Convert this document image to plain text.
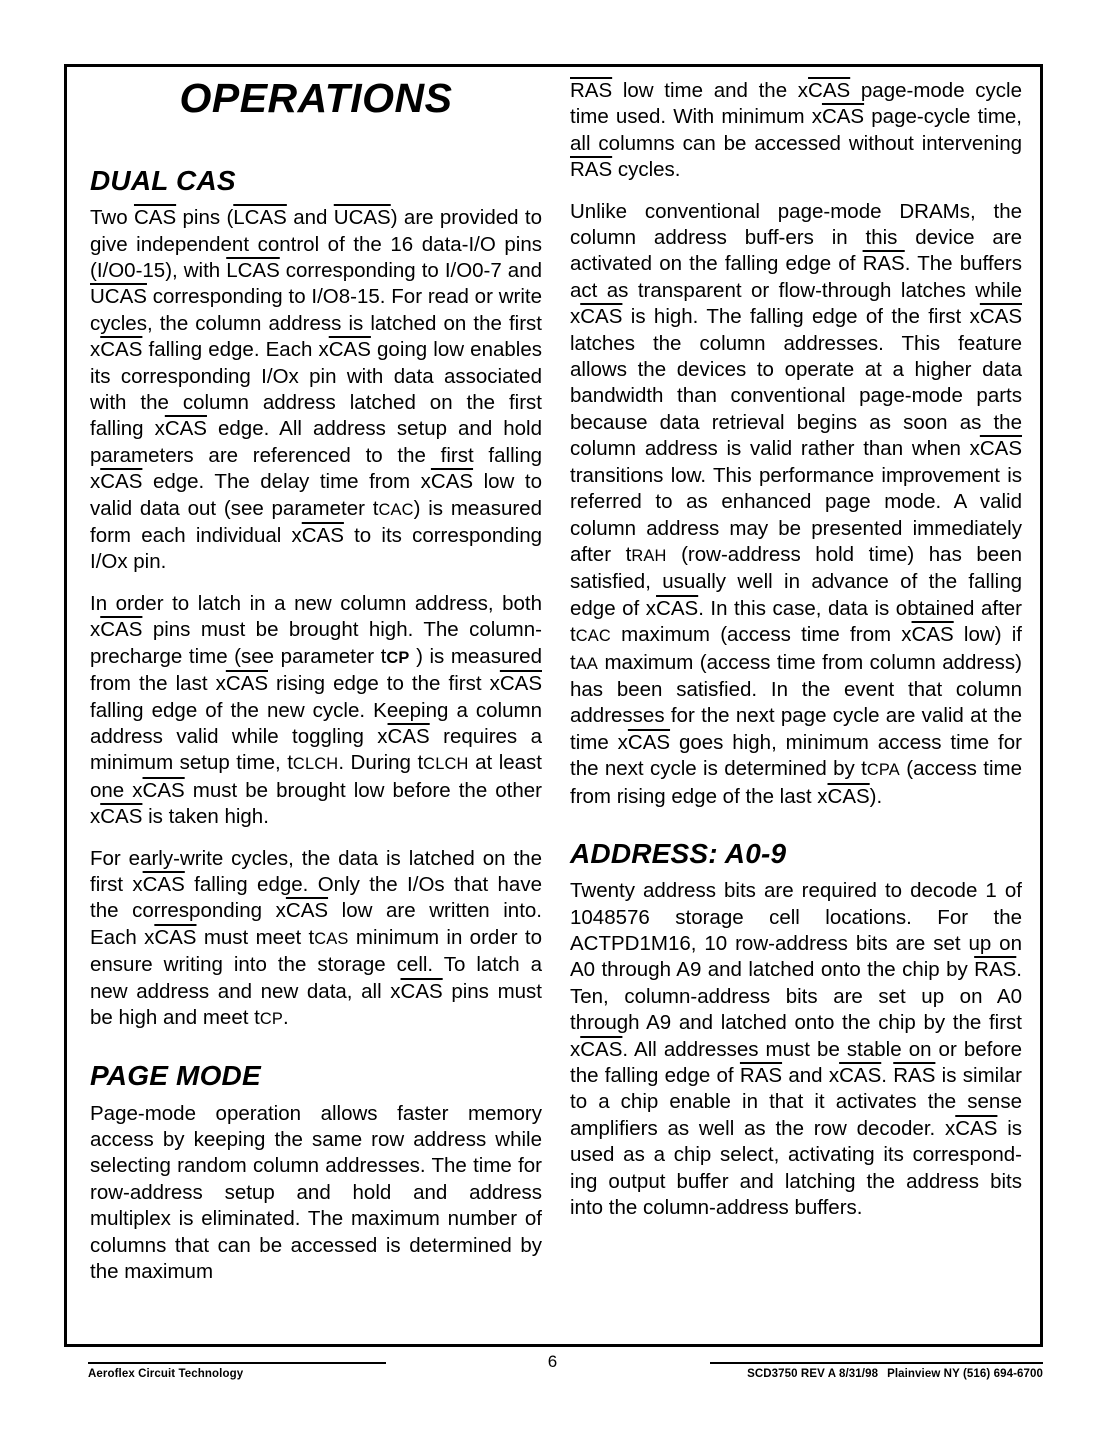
OPERATIONS
DUAL CAS

Two $\overline{CAS}$ pins (LCAS and UCAS) are provided to give independent control of the 16 data-I/O pins (I/O0-15), with LCAS corresponding to I/O0-7 and UCAS corresponding to I/O8-15. For read or write cycles, the column address is latched on the first $x\overline{CAS}$ falling edge. Each $x\overline{CAS}$ going low enables its corresponding I/Ox pin with data associated with the column address latched on the first falling $x\overline{CAS}$ edge. All address setup and hold parameters are referenced to the first falling $x\overline{CAS}$ edge. The delay time from $x\overline{CAS}$ low to valid data out (see parameter tCAC) is measured form each individual $x\overline{CAS}$ to its corresponding I/Ox pin.

In order to latch in a new column address, both $x\overline{CAS}$ pins must be brought high. The column-precharge time (see parameter tCP ) is measured from the last $x\overline{CAS}$ rising edge to the first $x\overline{CAS}$ falling edge of the new cycle. Keeping a column address valid while toggling $x\overline{CAS}$ requires a minimum setup time, tCLCH. During tCLCH at least one $x\overline{CAS}$ must be brought low before the other $x\overline{CAS}$ is taken high.

For early-write cycles, the data is latched on the first $x\overline{CAS}$ falling edge. Only the I/Os that have the corresponding $x\overline{CAS}$ low are written into. Each $x\overline{CAS}$ must meet tCAS minimum in order to ensure writing into the storage cell. To latch a new address and new data, all $x\overline{CAS}$ pins must be high and meet tCP.

PAGE MODE

Page-mode operation allows faster memory access by keeping the same row address while selecting random column addresses. The time for row-address setup and hold and address multiplex is eliminated. The maximum number of columns that can be accessed is determined by the maximum

$\overline{RAS}$ low time and the $x\overline{CAS}$ page-mode cycle time used. With minimum $x\overline{CAS}$ page-cycle time, all columns can be accessed without intervening $\overline{RAS}$ cycles.

Unlike conventional page-mode DRAMs, the column address buff-ers in this device are activated on the falling edge of $\overline{RAS}$. The buffers act as transparent or flow-through latches while $x\overline{CAS}$ is high. The falling edge of the first $x\overline{CAS}$ latches the column addresses. This feature allows the devices to operate at a higher data bandwidth than conventional page-mode parts because data retrieval begins as soon as the column address is valid rather than when $x\overline{CAS}$ transitions low. This performance improvement is referred to as enhanced page mode. A valid column address may be presented immediately after tRAH (row-address hold time) has been satisfied, usually well in advance of the falling edge of $x\overline{CAS}$. In this case, data is obtained after tCAC maximum (access time from $x\overline{CAS}$ low) if tAA maximum (access time from column address) has been satisfied. In the event that column addresses for the next page cycle are valid at the time $x\overline{CAS}$ goes high, minimum access time for the next cycle is determined by tCPA (access time from rising edge of the last $x\overline{CAS}$).

ADDRESS: A0-9

Twenty address bits are required to decode 1 of 1048576 storage cell locations. For the ACTPD1M16, 10 row-address bits are set up on A0 through A9 and latched onto the chip by $\overline{RAS}$. Ten, column-address bits are set up on A0 through A9 and latched onto the chip by the first $x\overline{CAS}$. All addresses must be stable on or before the falling edge of $\overline{RAS}$ and $x\overline{CAS}$. $\overline{RAS}$ is similar to a chip enable in that it activates the sense amplifiers as well as the row decoder. $x\overline{CAS}$ is used as a chip select, activating its correspond-ing output buffer and latching the address bits into the column-address buffers.

6
Aeroflex Circuit Technology	SCD3750 REV A 8/31/98 Plainview NY (516) 694-6700
